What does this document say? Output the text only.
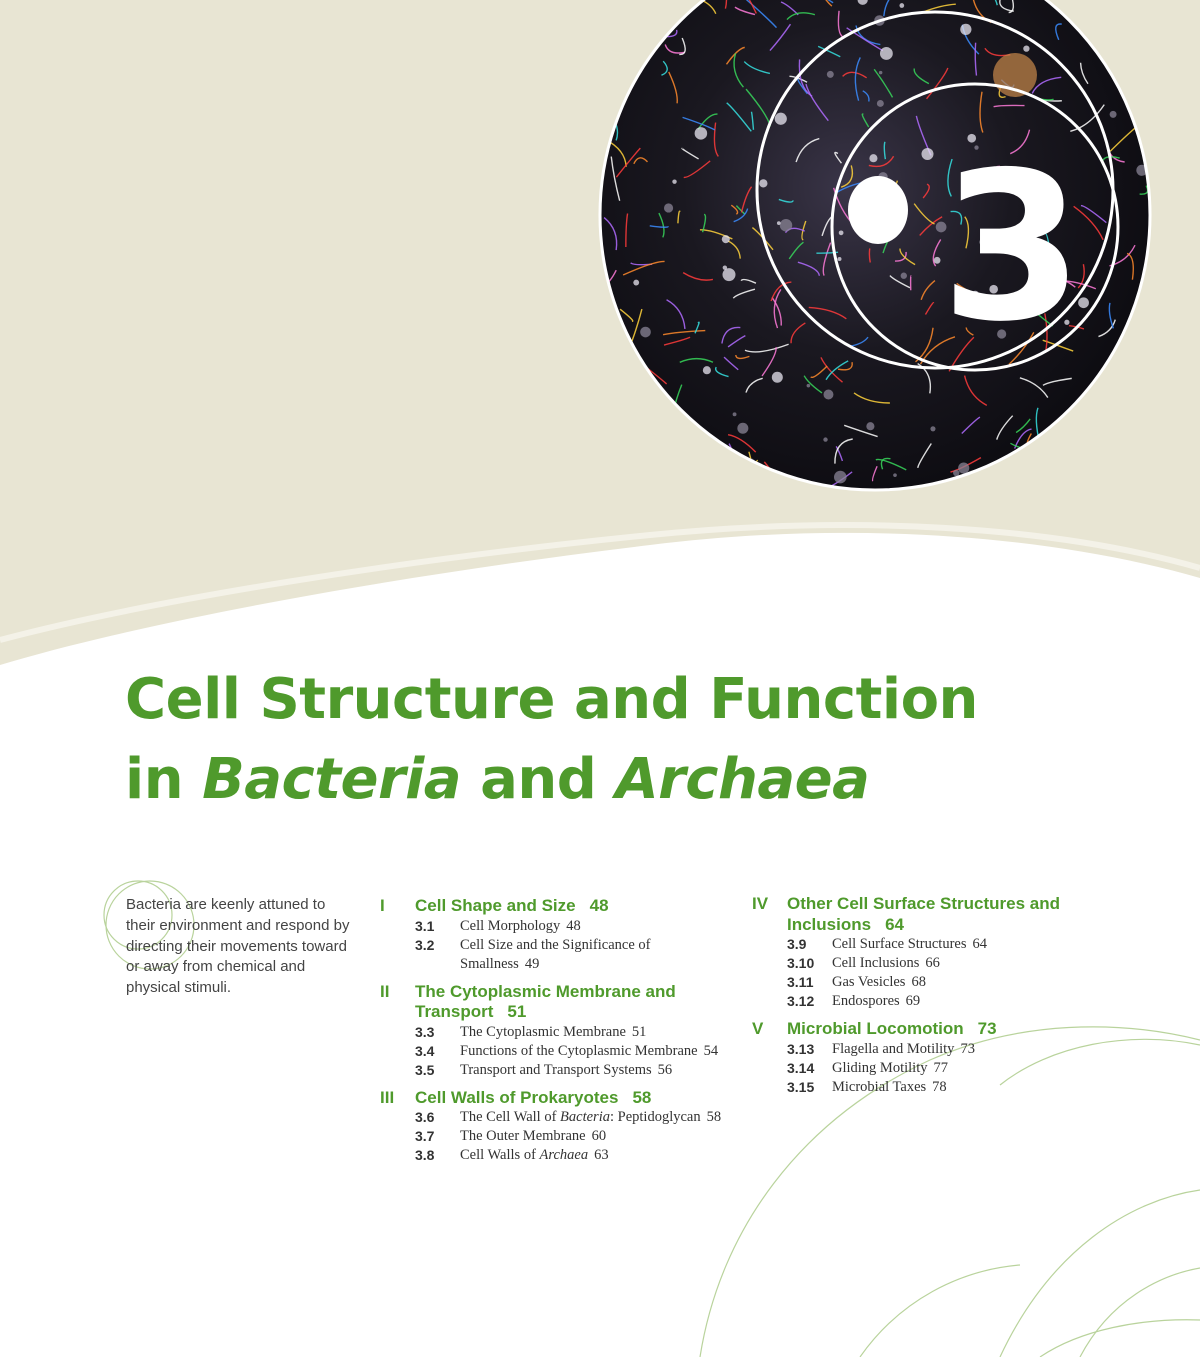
3
Cell Structure and Function
in Bacteria and Archaea

Bacteria are keenly attuned to their environment and respond by directing their movements toward or away from chemical and physical stimuli.

I	Cell Shape and Size 48
3.1	Cell Morphology 48
3.2	Cell Size and the Significance of Smallness 49
II	The Cytoplasmic Membrane and Transport 51
3.3	The Cytoplasmic Membrane 51
3.4	Functions of the Cytoplasmic Membrane 54
3.5	Transport and Transport Systems 56
III	Cell Walls of Prokaryotes 58
3.6	The Cell Wall of Bacteria: Peptidoglycan 58
3.7	The Outer Membrane 60
3.8	Cell Walls of Archaea 63
IV	Other Cell Surface Structures and Inclusions 64
3.9	Cell Surface Structures 64
3.10	Cell Inclusions 66
3.11	Gas Vesicles 68
3.12	Endospores 69
V	Microbial Locomotion 73
3.13	Flagella and Motility 73
3.14	Gliding Motility 77
3.15	Microbial Taxes 78
